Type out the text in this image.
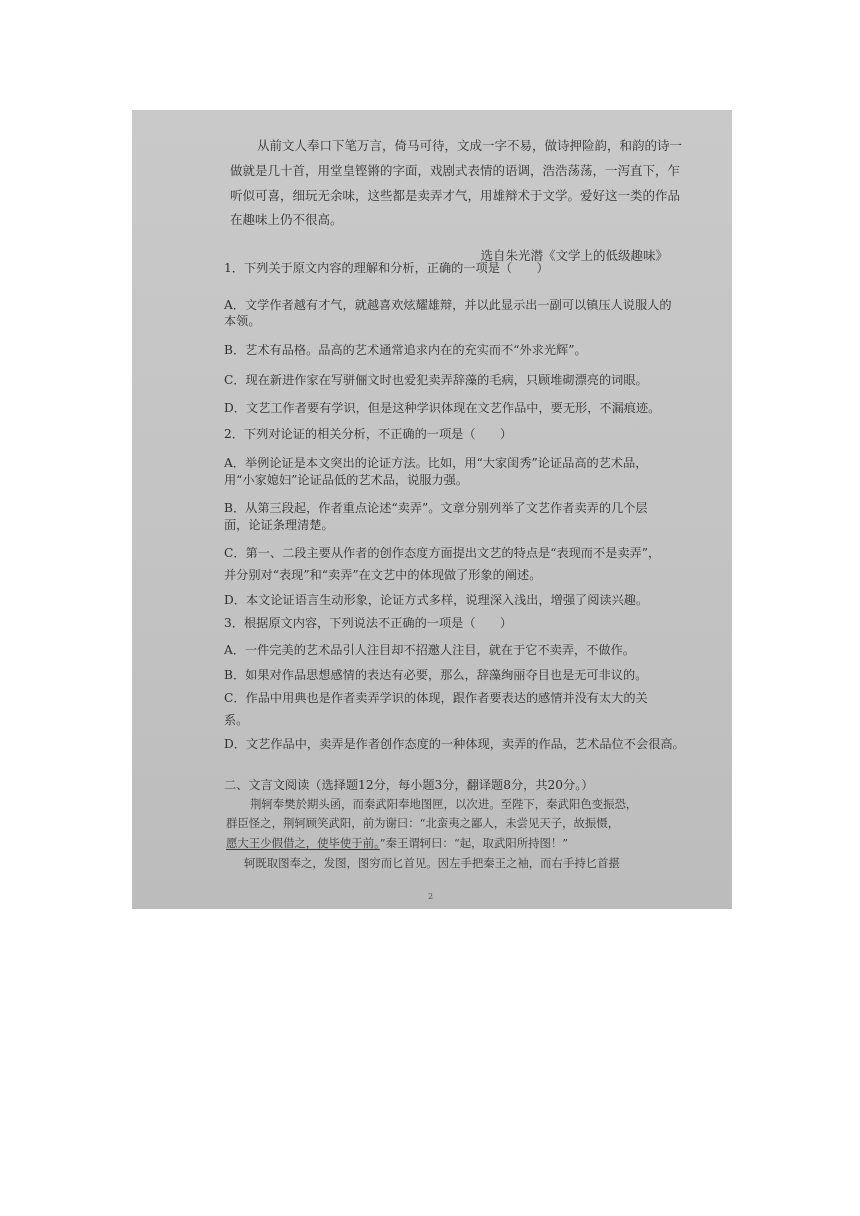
从前文人奉口下笔万言，倚马可待，文成一字不易，做诗押险韵，和韵的诗一
做就是几十首，用堂皇铿锵的字面，戏剧式表情的语调，浩浩荡荡，一泻直下，乍
听似可喜，细玩无余味，这些都是卖弄才气，用雄辩术于文学。爱好这一类的作品
在趣味上仍不很高。
选自朱光潜《文学上的低级趣味》
1．下列关于原文内容的理解和分析，正确的一项是（　　）
A．文学作者越有才气，就越喜欢炫耀雄辩，并以此显示出一副可以镇压人说服人的
本领。
B．艺术有品格。品高的艺术通常追求内在的充实而不“外求光辉”。
C．现在新进作家在写骈俪文时也爱犯卖弄辞藻的毛病，只顾堆砌漂亮的词眼。
D．文艺工作者要有学识，但是这种学识体现在文艺作品中，要无形，不漏痕迹。
2．下列对论证的相关分析，不正确的一项是（　　）
A．举例论证是本文突出的论证方法。比如，用“大家闺秀”论证品高的艺术品，
用“小家媳妇”论证品低的艺术品，说服力强。
B．从第三段起，作者重点论述“卖弄”。文章分别列举了文艺作者卖弄的几个层
面，论证条理清楚。
C．第一、二段主要从作者的创作态度方面提出文艺的特点是“表现而不是卖弄”，
并分别对“表现”和“卖弄”在文艺中的体现做了形象的阐述。
D．本文论证语言生动形象，论证方式多样，说理深入浅出，增强了阅读兴趣。
3．根据原文内容，下列说法不正确的一项是（　　）
A．一件完美的艺术品引人注目却不招邀人注目，就在于它不卖弄，不做作。
B．如果对作品思想感情的表达有必要，那么，辞藻绚丽夺目也是无可非议的。
C．作品中用典也是作者卖弄学识的体现，跟作者要表达的感情并没有太大的关
系。
D．文艺作品中，卖弄是作者创作态度的一种体现，卖弄的作品，艺术品位不会很高。
二、文言文阅读（选择题12分，每小题3分，翻译题8分，共20分。）
荆轲奉樊於期头函，而秦武阳奉地图匣，以次进。至陛下，秦武阳色变振恐，
群臣怪之，荆轲顾笑武阳，前为谢曰：“北蛮夷之鄙人，未尝见天子，故振慑，
愿大王少假借之，使毕使于前。”秦王谓轲曰：“起，取武阳所持图！”
轲既取图奉之，发图，图穷而匕首见。因左手把秦王之袖，而右手持匕首揕
2
